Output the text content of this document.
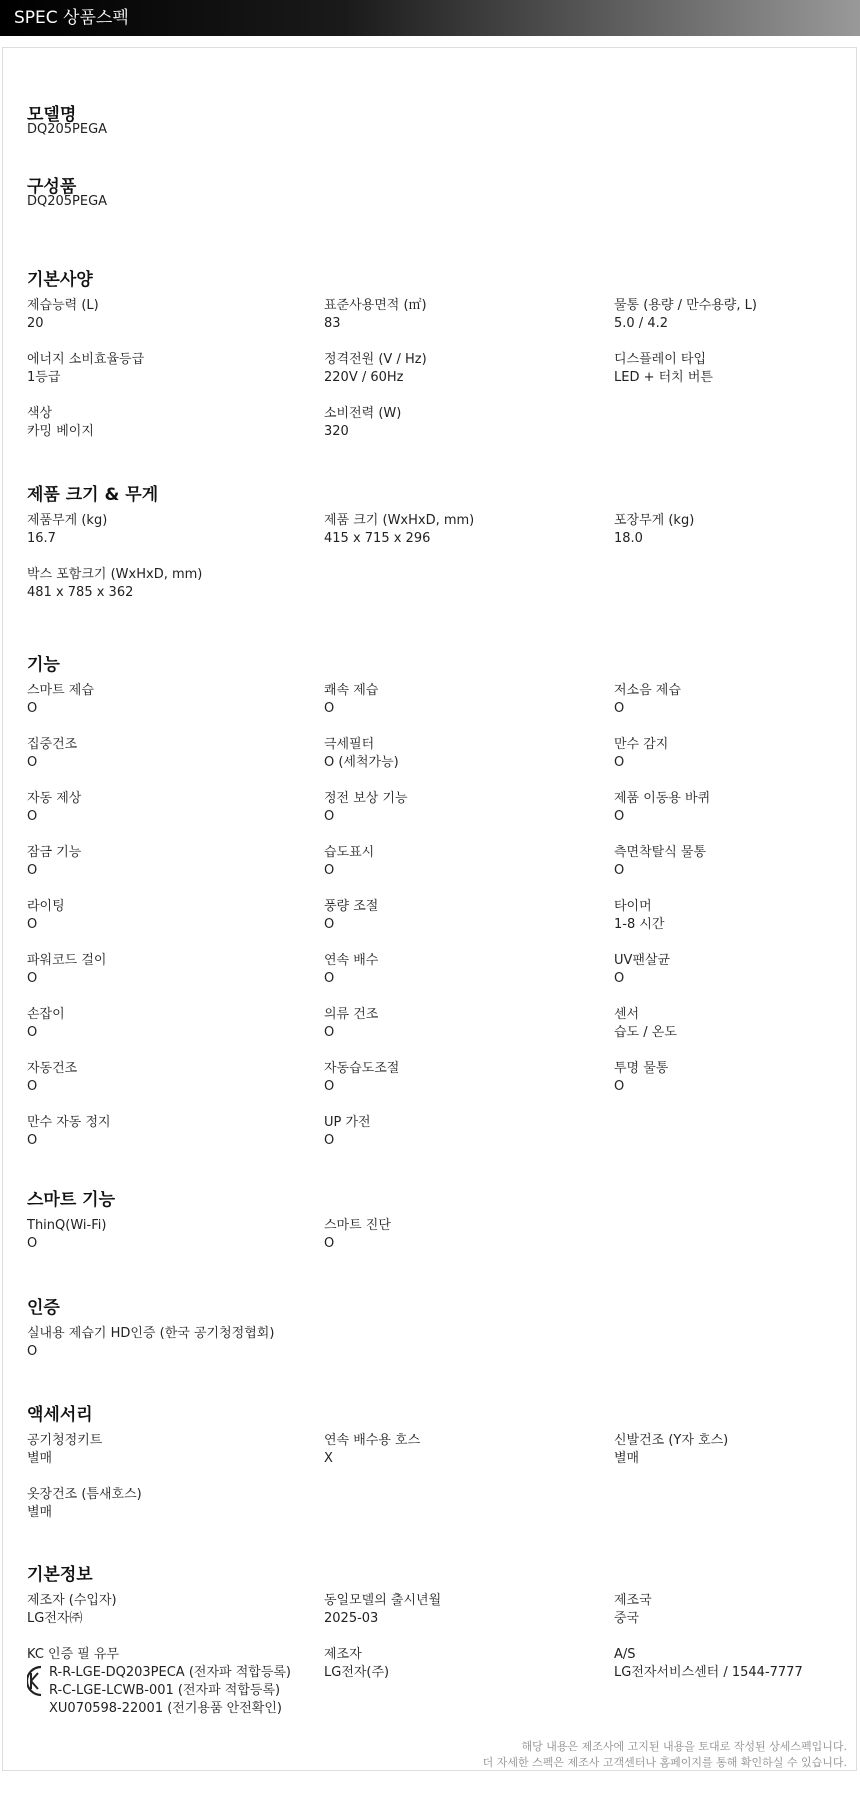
SPEC 상품스펙
모델명
DQ205PEGA
구성품
DQ205PEGA
기본사양
제습능력 (L)
20
표준사용면적 (㎡)
83
물통 (용량 / 만수용량, L)
5.0 / 4.2
에너지 소비효율등급
1등급
정격전원 (V / Hz)
220V / 60Hz
디스플레이 타입
LED + 터치 버튼
색상
카밍 베이지
소비전력 (W)
320
제품 크기 & 무게
제품무게 (kg)
16.7
제품 크기 (WxHxD, mm)
415 x 715 x 296
포장무게 (kg)
18.0
박스 포함크기 (WxHxD, mm)
481 x 785 x 362
기능
스마트 제습
O
쾌속 제습
O
저소음 제습
O
집중건조
O
극세필터
O (세척가능)
만수 감지
O
자동 제상
O
정전 보상 기능
O
제품 이동용 바퀴
O
잠금 기능
O
습도표시
O
측면착탈식 물통
O
라이팅
O
풍량 조절
O
타이머
1-8 시간
파워코드 걸이
O
연속 배수
O
UV팬살균
O
손잡이
O
의류 건조
O
센서
습도 / 온도
자동건조
O
자동습도조절
O
투명 물통
O
만수 자동 정지
O
UP 가전
O
스마트 기능
ThinQ(Wi-Fi)
O
스마트 진단
O
인증
실내용 제습기 HD인증 (한국 공기청정협회)
O
액세서리
공기청정키트
별매
연속 배수용 호스
X
신발건조 (Y자 호스)
별매
옷장건조 (틈새호스)
별매
기본정보
제조자 (수입자)
LG전자㈜
동일모델의 출시년월
2025-03
제조국
중국
KC 인증 필 유무	제조자
LG전자(주)
A/S
LG전자서비스센터 / 1544-7777
R-R-LGE-DQ203PECA (전자파 적합등록)
R-C-LGE-LCWB-001 (전자파 적합등록)
XU070598-22001 (전기용품 안전확인)
해당 내용은 제조사에 고지된 내용을 토대로 작성된 상세스펙입니다.
더 자세한 스펙은 제조사 고객센터나 홈페이지를 통해 확인하실 수 있습니다.
